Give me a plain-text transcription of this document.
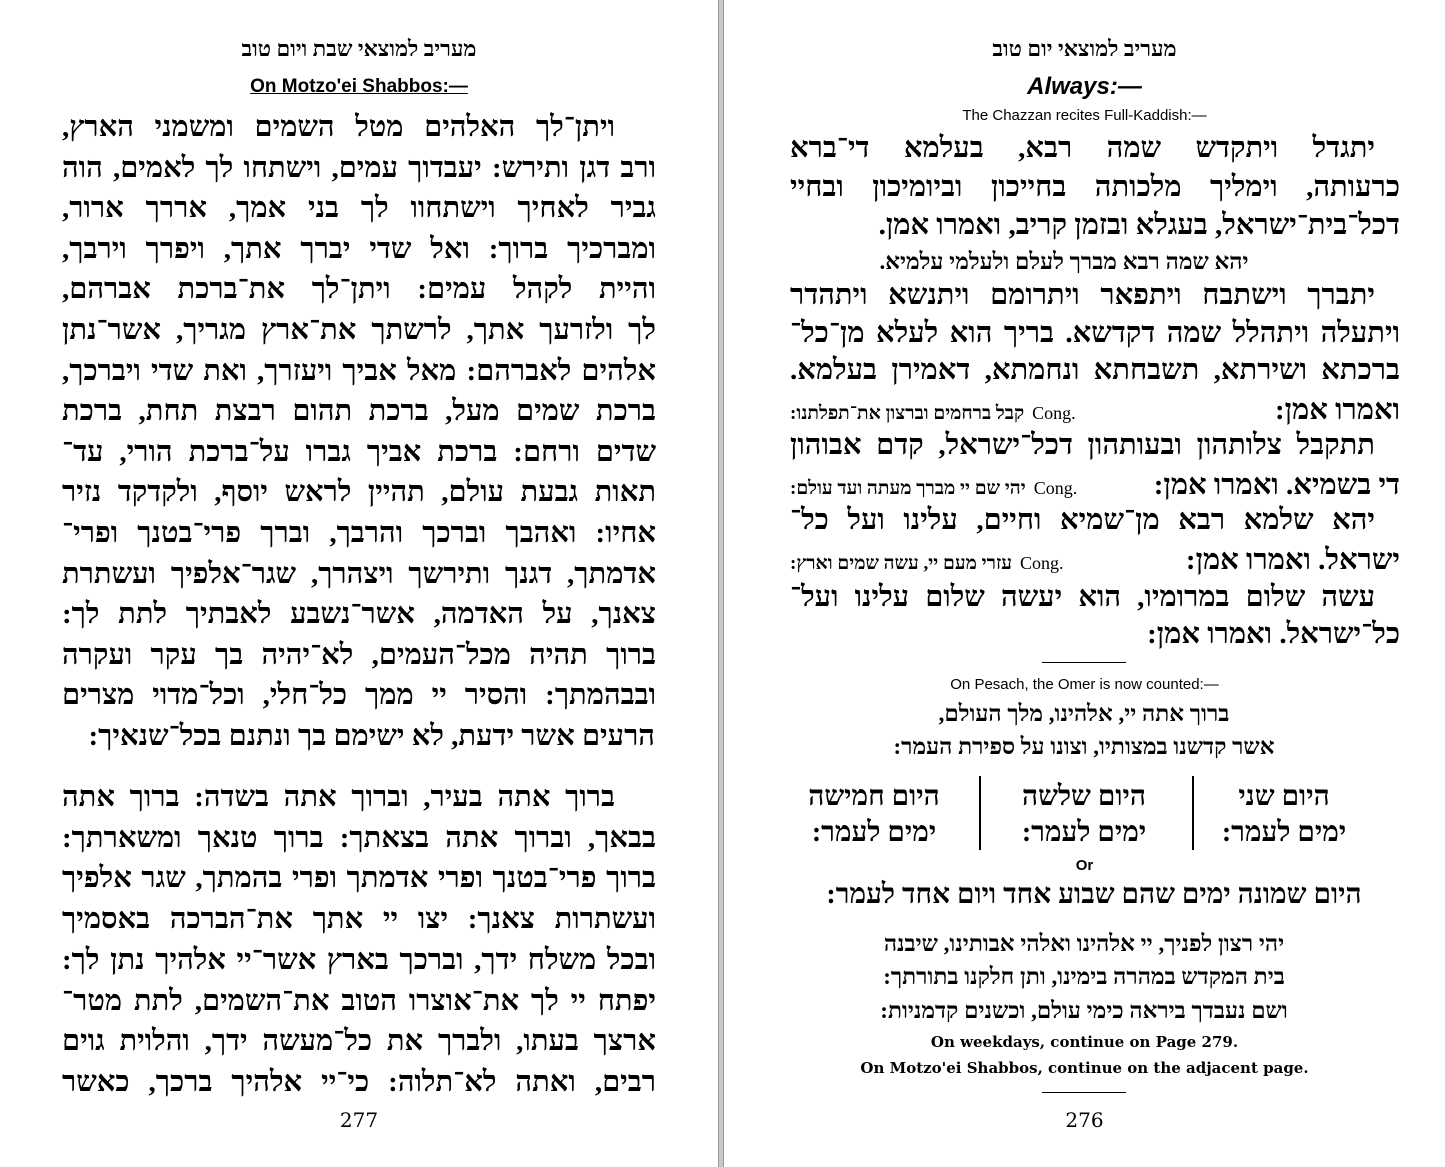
מעריב למוצאי שבת ויום טוב
On Motzo'ei Shabbos:—
ויתן־לך האלהים מטל השמים ומשמני הארץ,
ורב דגן ותירש: יעבדוך עמים, וישתחו לך לאמים, הוה
גביר לאחיך וישתחוו לך בני אמך, אררך ארור,
ומברכיך ברוך: ואל שדי יברך אתך, ויפרך וירבך,
והיית לקהל עמים: ויתן־לך את־ברכת אברהם,
לך ולזרעך אתך, לרשתך את־ארץ מגריך, אשר־נתן
אלהים לאברהם: מאל אביך ויעזרך, ואת שדי ויברכך,
ברכת שמים מעל, ברכת תהום רבצת תחת, ברכת
שדים ורחם: ברכת אביך גברו על־ברכת הורי, עד־
תאות גבעת עולם, תהיין לראש יוסף, ולקדקד נזיר
אחיו: ואהבך וברכך והרבך, וברך פרי־בטנך ופרי־
אדמתך, דגנך ותירשך ויצהרך, שגר־אלפיך ועשתרת
צאנך, על האדמה, אשר־נשבע לאבתיך לתת לך:
ברוך תהיה מכל־העמים, לא־יהיה בך עקר ועקרה
ובבהמתך: והסיר יי ממך כל־חלי, וכל־מדוי מצרים
הרעים אשר ידעת, לא ישימם בך ונתנם בכל־שנאיך:
ברוך אתה בעיר, וברוך אתה בשדה: ברוך אתה
בבאך, וברוך אתה בצאתך: ברוך טנאך ומשארתך:
ברוך פרי־בטנך ופרי אדמתך ופרי בהמתך, שגר אלפיך
ועשתרות צאנך: יצו יי אתך את־הברכה באסמיך
ובכל משלח ידך, וברכך בארץ אשר־יי אלהיך נתן לך:
יפתח יי לך את־אוצרו הטוב את־השמים, לתת מטר־
ארצך בעתו, ולברך את כל־מעשה ידך, והלוית גוים
רבים, ואתה לא־תלוה: כי־יי אלהיך ברכך, כאשר
277
מעריב למוצאי יום טוב
Always:—
The Chazzan recites Full-Kaddish:—
יתגדל ויתקדש שמה רבא, בעלמא די־ברא
כרעותה, וימליך מלכותה בחייכון וביומיכון ובחיי
דכל־בית־ישראל, בעגלא ובזמן קריב, ואמרו אמן.
יהא שמה רבא מברך לעלם ולעלמי עלמיא.
יתברך וישתבח ויתפאר ויתרומם ויתנשא ויתהדר
ויתעלה ויתהלל שמה דקדשא. בריך הוא לעלא מן־כל־
ברכתא ושירתא, תשבחתא ונחמתא, דאמירן בעלמא.
ואמרו אמן:
Cong.קבל ברחמים וברצון את־תפלתנו:
תתקבל צלותהון ובעותהון דכל־ישראל, קדם אבוהון
די בשמיא. ואמרו אמן:
Cong.יהי שם יי מברך מעתה ועד עולם:
יהא שלמא רבא מן־שמיא וחיים, עלינו ועל כל־
ישראל. ואמרו אמן:
Cong.עזרי מעם יי, עשה שמים וארץ:
עשה שלום במרומיו, הוא יעשה שלום עלינו ועל־
כל־ישראל. ואמרו אמן:
ברוך אתה יי, אלהינו, מלך העולם,
אשר קדשנו במצותיו, וצונו על ספירת העמר:
היום שמונה ימים שהם שבוע אחד ויום אחד לעמר:
יהי רצון לפניך, יי אלהינו ואלהי אבותינו, שיבנה
בית המקדש במהרה בימינו, ותן חלקנו בתורתך:
ושם נעבדך ביראה כימי עולם, וכשנים קדמניות:
On Pesach, the Omer is now counted:—
היום שני
ימים לעמר:
היום שלשה
ימים לעמר:
היום חמישה
ימים לעמר:
Or
On weekdays, continue on Page 279.
On Motzo'ei Shabbos, continue on the adjacent page.
276
